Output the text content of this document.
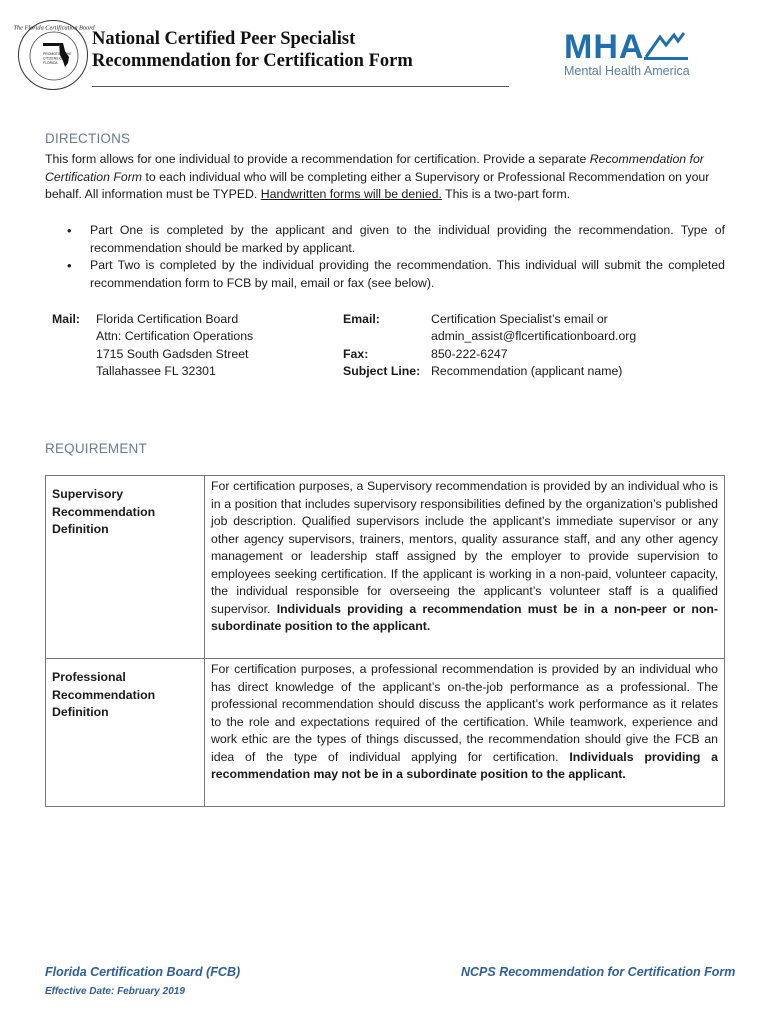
The Florida Certification Board
PROMOTING THE
CITIZENS OF
FLORIDA
National Certified Peer Specialist
Recommendation for Certification Form	MHA
Mental Health America
DIRECTIONS
This form allows for one individual to provide a recommendation for certification. Provide a separate Recommendation for Certification Form to each individual who will be completing either a Supervisory or Professional Recommendation on your behalf. All information must be TYPED. Handwritten forms will be denied. This is a two-part form.
• Part One is completed by the applicant and given to the individual providing the recommendation. Type of recommendation should be marked by applicant.
• Part Two is completed by the individual providing the recommendation. This individual will submit the completed recommendation form to FCB by mail, email or fax (see below).
Mail: Florida Certification Board
Attn: Certification Operations
1715 South Gadsden Street
Tallahassee FL 32301
Email:	Certification Specialist’s email or
admin_assist@flcertificationboard.org
Fax:	850-222-6247
Subject Line: Recommendation (applicant name)
REQUIREMENT
Supervisory Recommendation Definition	For certification purposes, a Supervisory recommendation is provided by an individual who is in a position that includes supervisory responsibilities defined by the organization’s published job description. Qualified supervisors include the applicant’s immediate supervisor or any other agency supervisors, trainers, mentors, quality assurance staff, and any other agency management or leadership staff assigned by the employer to provide supervision to employees seeking certification. If the applicant is working in a non-paid, volunteer capacity, the individual responsible for overseeing the applicant’s volunteer staff is a qualified supervisor. Individuals providing a recommendation must be in a non-peer or non-subordinate position to the applicant.

Professional Recommendation Definition	For certification purposes, a professional recommendation is provided by an individual who has direct knowledge of the applicant’s on-the-job performance as a professional. The professional recommendation should discuss the applicant’s work performance as it relates to the role and expectations required of the certification. While teamwork, experience and work ethic are the types of things discussed, the recommendation should give the FCB an idea of the type of individual applying for certification. Individuals providing a recommendation may not be in a subordinate position to the applicant.
Florida Certification Board (FCB)
Effective Date: February 2019
NCPS Recommendation for Certification Form
